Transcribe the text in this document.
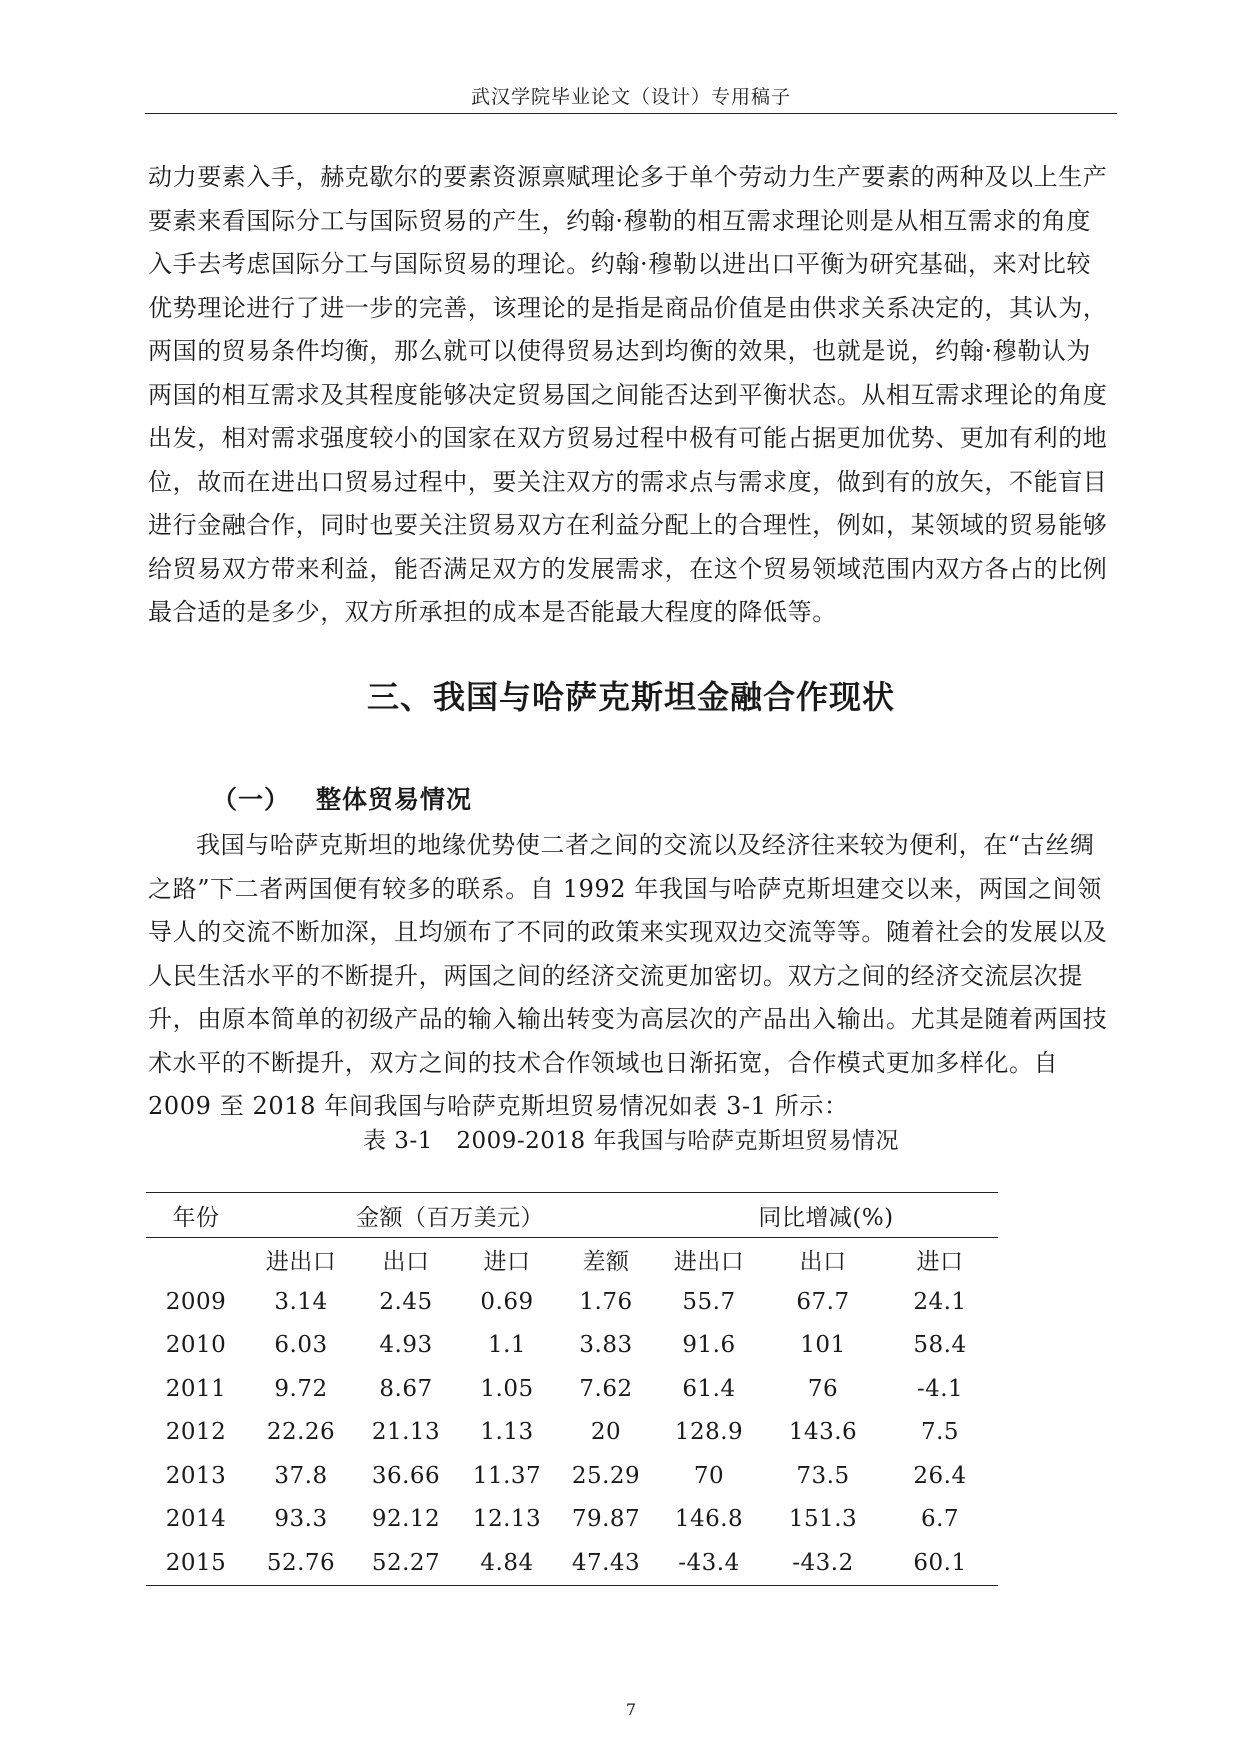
武汉学院毕业论文（设计）专用稿子

动力要素入手，赫克歇尔的要素资源禀赋理论多于单个劳动力生产要素的两种及以上生产要素来看国际分工与国际贸易的产生，约翰·穆勒的相互需求理论则是从相互需求的角度入手去考虑国际分工与国际贸易的理论。约翰·穆勒以进出口平衡为研究基础，来对比较优势理论进行了进一步的完善，该理论的是指是商品价值是由供求关系决定的，其认为，两国的贸易条件均衡，那么就可以使得贸易达到均衡的效果，也就是说，约翰·穆勒认为两国的相互需求及其程度能够决定贸易国之间能否达到平衡状态。从相互需求理论的角度出发，相对需求强度较小的国家在双方贸易过程中极有可能占据更加优势、更加有利的地位，故而在进出口贸易过程中，要关注双方的需求点与需求度，做到有的放矢，不能盲目进行金融合作，同时也要关注贸易双方在利益分配上的合理性，例如，某领域的贸易能够给贸易双方带来利益，能否满足双方的发展需求，在这个贸易领域范围内双方各占的比例最合适的是多少，双方所承担的成本是否能最大程度的降低等。

三、我国与哈萨克斯坦金融合作现状
（一） 整体贸易情况

我国与哈萨克斯坦的地缘优势使二者之间的交流以及经济往来较为便利，在“古丝绸之路”下二者两国便有较多的联系。自 1992 年我国与哈萨克斯坦建交以来，两国之间领导人的交流不断加深，且均颁布了不同的政策来实现双边交流等等。随着社会的发展以及人民生活水平的不断提升，两国之间的经济交流更加密切。双方之间的经济交流层次提升，由原本简单的初级产品的输入输出转变为高层次的产品出入输出。尤其是随着两国技术水平的不断提升，双方之间的技术合作领域也日渐拓宽，合作模式更加多样化。自 2009 至 2018 年间我国与哈萨克斯坦贸易情况如表 3-1 所示：

表 3-1　2009-2018 年我国与哈萨克斯坦贸易情况
年份	金额（百万美元）				同比增减(%)		
	进出口	出口	进口	差额	进出口	出口	进口
2009	3.14	2.45	0.69	1.76	55.7	67.7	24.1
2010	6.03	4.93	1.1	3.83	91.6	101	58.4
2011	9.72	8.67	1.05	7.62	61.4	76	-4.1
2012	22.26	21.13	1.13	20	128.9	143.6	7.5
2013	37.8	36.66	11.37	25.29	70	73.5	26.4
2014	93.3	92.12	12.13	79.87	146.8	151.3	6.7
2015	52.76	52.27	4.84	47.43	-43.4	-43.2	60.1
7
